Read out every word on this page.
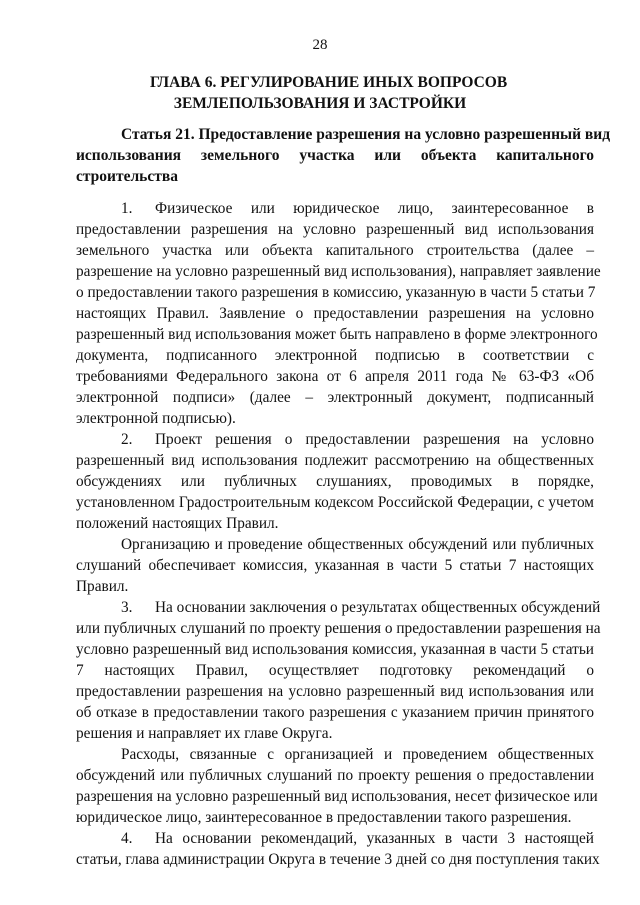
28
ГЛАВА 6. РЕГУЛИРОВАНИЕ ИНЫХ ВОПРОСОВ
ЗЕМЛЕПОЛЬЗОВАНИЯ И ЗАСТРОЙКИ
Статья 21. Предоставление разрешения на условно разрешенный вид
использования земельного участка или объекта капитального
строительства
1. Физическое или юридическое лицо, заинтересованное в
предоставлении разрешения на условно разрешенный вид использования
земельного участка или объекта капитального строительства (далее –
разрешение на условно разрешенный вид использования), направляет заявление
о предоставлении такого разрешения в комиссию, указанную в части 5 статьи 7
настоящих Правил. Заявление о предоставлении разрешения на условно
разрешенный вид использования может быть направлено в форме электронного
документа, подписанного электронной подписью в соответствии с
требованиями Федерального закона от 6 апреля 2011 года № 63-ФЗ «Об
электронной подписи» (далее – электронный документ, подписанный
электронной подписью).
2. Проект решения о предоставлении разрешения на условно
разрешенный вид использования подлежит рассмотрению на общественных
обсуждениях или публичных слушаниях, проводимых в порядке,
установленном Градостроительным кодексом Российской Федерации, с учетом
положений настоящих Правил.
Организацию и проведение общественных обсуждений или публичных
слушаний обеспечивает комиссия, указанная в части 5 статьи 7 настоящих
Правил.
3. На основании заключения о результатах общественных обсуждений
или публичных слушаний по проекту решения о предоставлении разрешения на
условно разрешенный вид использования комиссия, указанная в части 5 статьи
7 настоящих Правил, осуществляет подготовку рекомендаций о
предоставлении разрешения на условно разрешенный вид использования или
об отказе в предоставлении такого разрешения с указанием причин принятого
решения и направляет их главе Округа.
Расходы, связанные с организацией и проведением общественных
обсуждений или публичных слушаний по проекту решения о предоставлении
разрешения на условно разрешенный вид использования, несет физическое или
юридическое лицо, заинтересованное в предоставлении такого разрешения.
4. На основании рекомендаций, указанных в части 3 настоящей
статьи, глава администрации Округа в течение 3 дней со дня поступления таких
